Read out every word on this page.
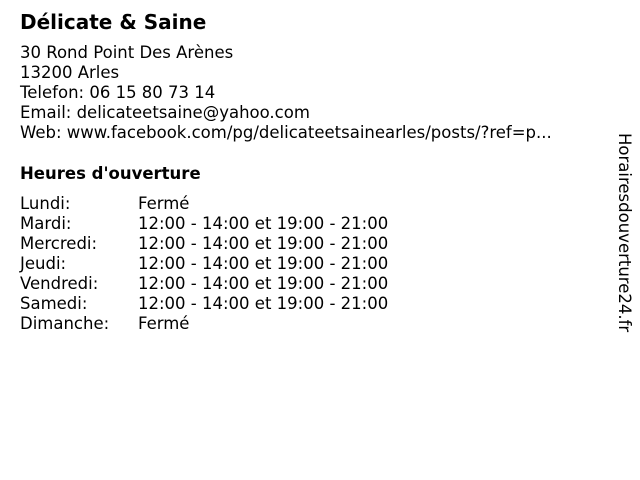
Délicate & Saine
30 Rond Point Des Arènes
13200 Arles
Telefon: 06 15 80 73 14
Email: delicateetsaine@yahoo.com
Web: www.facebook.com/pg/delicateetsainearles/posts/?ref=p...
Heures d'ouverture
Lundi:	Fermé
Mardi:	12:00 - 14:00 et 19:00 - 21:00
Mercredi: 12:00 - 14:00 et 19:00 - 21:00
Jeudi:	12:00 - 14:00 et 19:00 - 21:00
Vendredi: 12:00 - 14:00 et 19:00 - 21:00
Samedi:	12:00 - 14:00 et 19:00 - 21:00
Dimanche: Fermé	Horairesdouverture24.fr
